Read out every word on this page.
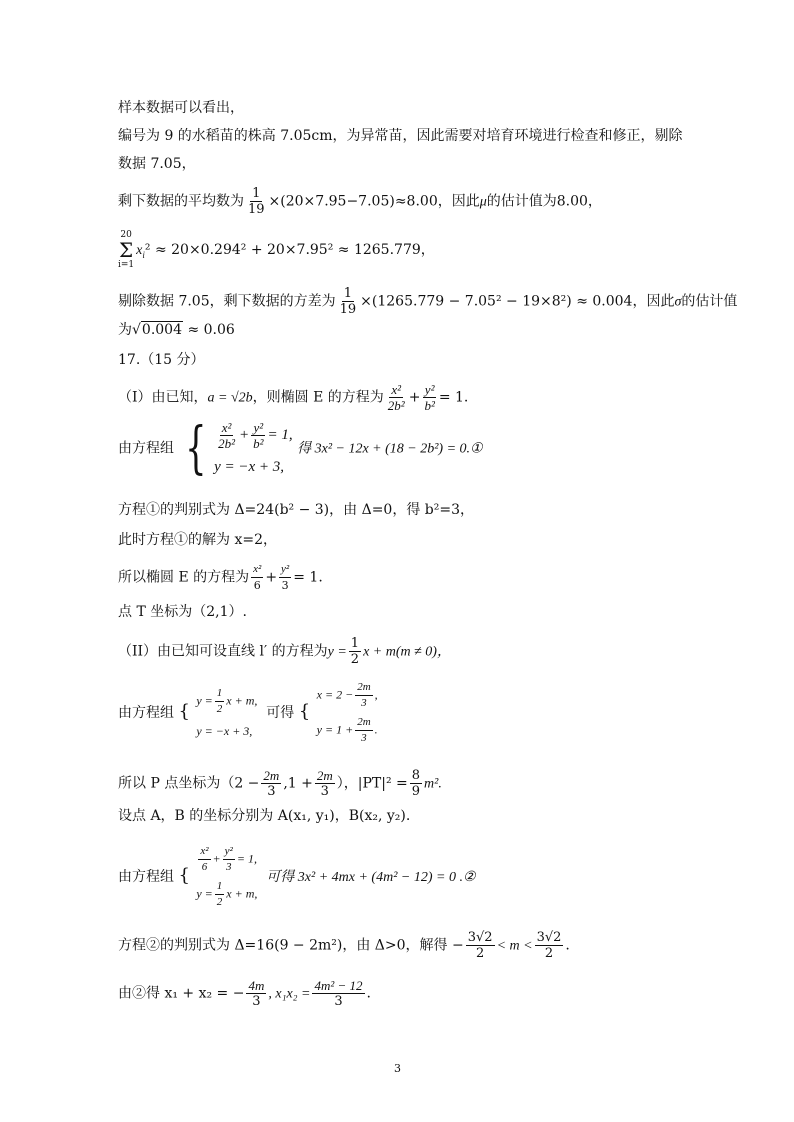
样本数据可以看出，
编号为 9 的水稻苗的株高 7.05cm，为异常苗，因此需要对培育环境进行检查和修正，剔除
数据 7.05，
剩下数据的平均数为 $\frac{1}{19} \times(20\times 7.95-7.05)\approx 8.00$，因此μ的估计值为8.00，
20
Σ
i=1
$x_i^2 \approx 20\times 0.294^2 + 20\times 7.95^2 \approx 1265.779$，
剔除数据 7.05，剩下数据的方差为 $\frac{1}{19} \times(1265.779 - 7.05^2 - 19\times 8^2) \approx 0.004$，因此σ的估计值
为√0.004 ≈ 0.06
17.（15 分）
（I）由已知，a = √2b，则椭圆 E 的方程为 $\frac{\text{x²}}{\text{2b²}} + \frac{\text{y²}}{\text{b²}} = 1$.
由方程组 { $\frac{\text{x²}}{\text{2b²}} + \frac{\text{y²}}{\text{b²}} = 1$,
y = −x + 3,
得 3x² − 12x + (18 − 2b²) = 0.①
方程①的判别式为 Δ=24(b² − 3)，由 Δ=0，得 b²=3，
此时方程①的解为 x=2，
所以椭圆 E 的方程为 $\frac{\text{x²}}{6} + \frac{\text{y²}}{3} = 1$.
点 T 坐标为（2,1）.
（II）由已知可设直线 l′ 的方程为$y = \frac{1}{2}$ x + m(m ≠ 0)，
由方程组 {
$y = \frac{1}{2}$ x + m,
y = −x + 3,
可得 {
$x = 2 - \frac{2m}{3}$ ,
$y = 1 + \frac{2m}{3}$ .
所以 P 点坐标为（$2 - \frac{2m}{3} ,1 + \frac{2m}{3}$ ），$|PT|^2 = \frac{8}{9} m^2$.
设点 A，B 的坐标分别为 A(x₁, y₁)，B(x₂, y₂).
由方程组 {
$\frac{\text{x²}}{6} + \frac{\text{y²}}{3} = 1$,
$y = \frac{1}{2}$ x + m,
可得 3x² + 4mx + (4m² − 12) = 0 .②
方程②的判别式为 Δ=16(9 − 2m²)，由 Δ>0，解得 − $\frac{3√2}{2} < m < \frac{3√2}{2}$ .
由②得 x₁ + x₂ = − $\frac{4m}{3}$ , $x_1x_2 = \frac{\text{4m² − 12}}{3}$ .
3
